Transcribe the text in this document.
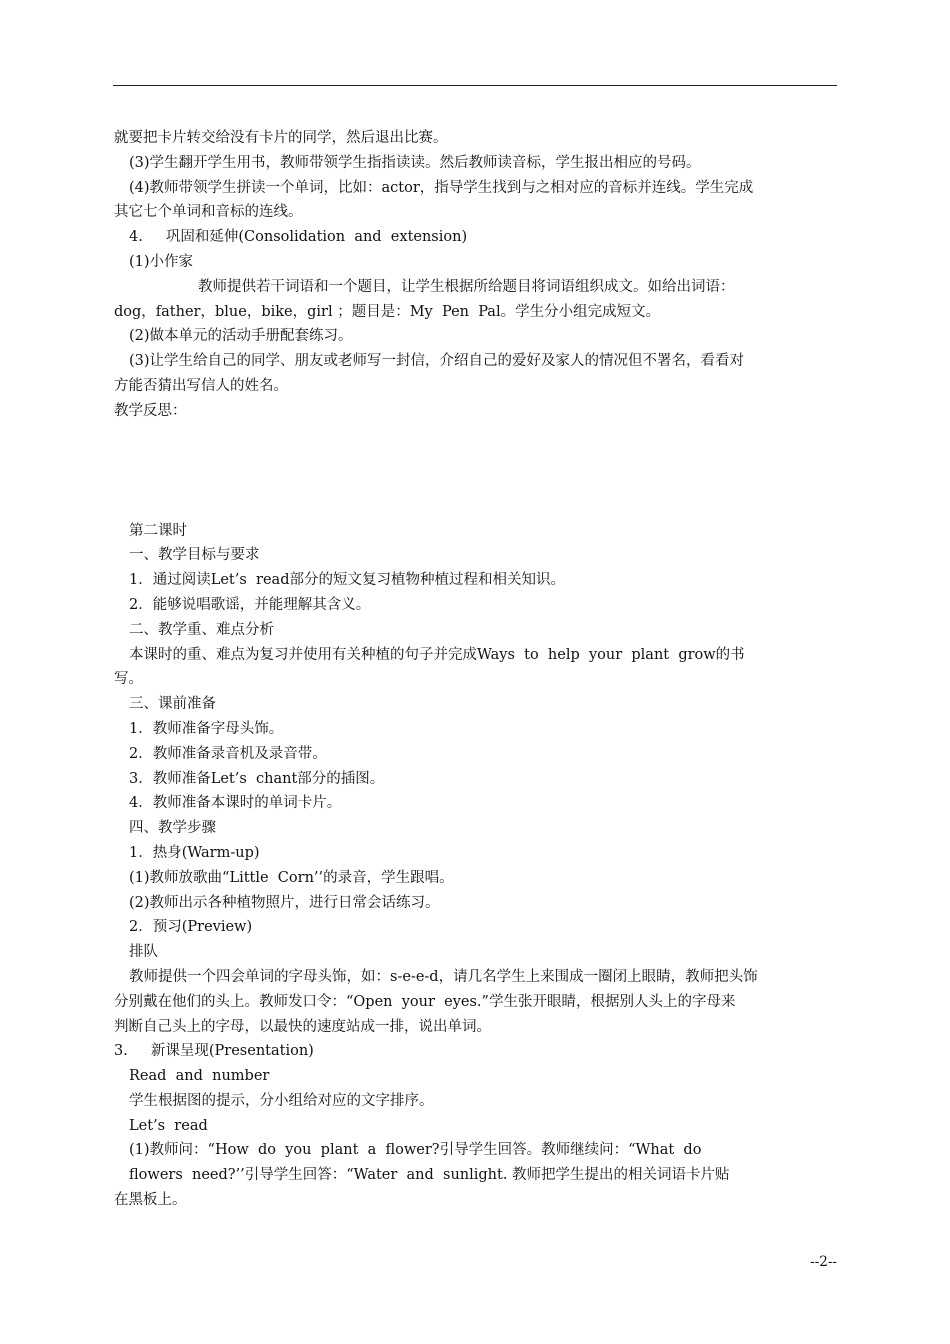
就要把卡片转交给没有卡片的同学，然后退出比赛。
(3)学生翻开学生用书，教师带领学生指指读读。然后教师读音标，学生报出相应的号码。
(4)教师带领学生拼读一个单词，比如：actor，指导学生找到与之相对应的音标并连线。学生完成
其它七个单词和音标的连线。
4.     巩固和延伸(Consolidation  and  extension)
(1)小作家
教师提供若干词语和一个题目，让学生根据所给题目将词语组织成文。如给出词语：
dog，father，blue，bike，girl ；题目是：My  Pen  Pal。学生分小组完成短文。
(2)做本单元的活动手册配套练习。
(3)让学生给自己的同学、朋友或老师写一封信，介绍自己的爱好及家人的情况但不署名，看看对
方能否猜出写信人的姓名。
教学反思：
第二课时
一、教学目标与要求
1．通过阅读Let’s  read部分的短文复习植物种植过程和相关知识。
2．能够说唱歌谣，并能理解其含义。
二、教学重、难点分析
本课时的重、难点为复习并使用有关种植的句子并完成Ways  to  help  your  plant  grow的书
写。
三、课前准备
1．教师准备字母头饰。
2．教师准备录音机及录音带。
3．教师准备Let’s  chant部分的插图。
4．教师准备本课时的单词卡片。
四、教学步骤
1．热身(Warm-up)
(1)教师放歌曲“Little  Corn’’的录音，学生跟唱。
(2)教师出示各种植物照片，进行日常会话练习。
2．预习(Preview)
排队
教师提供一个四会单词的字母头饰，如：s-e-e-d，请几名学生上来围成一圈闭上眼睛，教师把头饰
分别戴在他们的头上。教师发口令：“Open  your  eyes.”学生张开眼睛，根据别人头上的字母来
判断自己头上的字母，以最快的速度站成一排，说出单词。
3.     新课呈现(Presentation)
Read  and  number
学生根据图的提示，分小组给对应的文字排序。
Let’s  read
(1)教师问：“How  do  you  plant  a  flower?引导学生回答。教师继续问：“What  do
flowers  need?’’引导学生回答：“Water  and  sunlight. 教师把学生提出的相关词语卡片贴
在黑板上。
--2--
